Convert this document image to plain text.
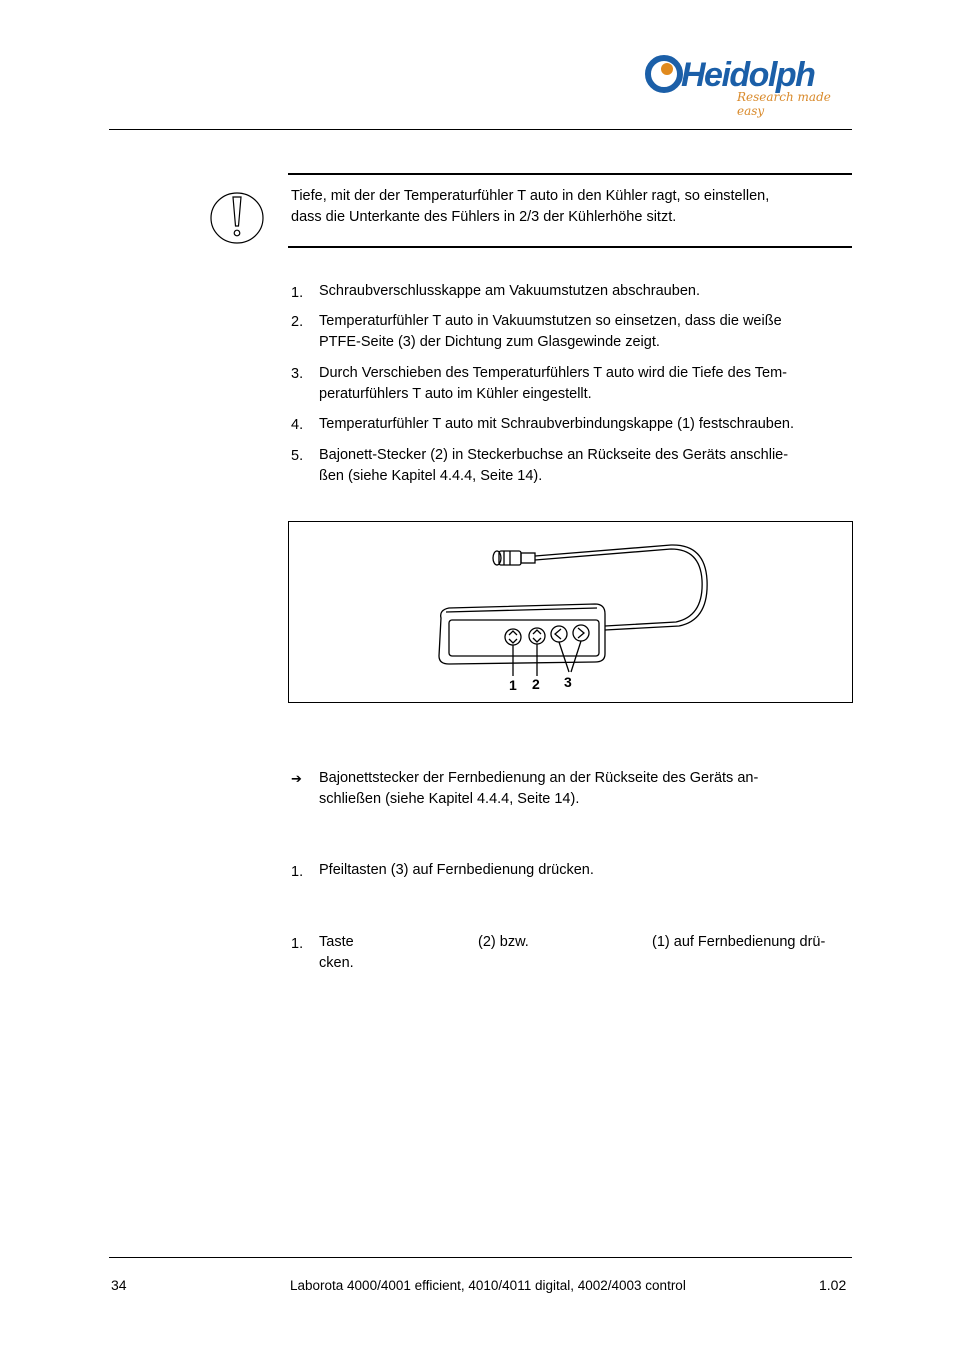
Heidolph
Research made easy
Tiefe, mit der der Temperaturfühler T auto in den Kühler ragt, so einstellen,
dass die Unterkante des Fühlers in 2/3 der Kühlerhöhe sitzt.
1. Schraubverschlusskappe am Vakuumstutzen abschrauben.
2. Temperaturfühler T auto in Vakuumstutzen so einsetzen, dass die weiße
PTFE-Seite (3) der Dichtung zum Glasgewinde zeigt.
3. Durch Verschieben des Temperaturfühlers T auto wird die Tiefe des Tem-
peraturfühlers T auto im Kühler eingestellt.
4. Temperaturfühler T auto mit Schraubverbindungskappe (1) festschrauben.
5. Bajonett-Stecker (2) in Steckerbuchse an Rückseite des Geräts anschlie-
ßen (siehe Kapitel 4.4.4, Seite 14).
1 2 3
➔ Bajonettstecker der Fernbedienung an der Rückseite des Geräts an-
schließen (siehe Kapitel 4.4.4, Seite 14).
1. Pfeiltasten (3) auf Fernbedienung drücken.
1. Taste	(2) bzw.	(1) auf Fernbedienung drü-
cken.
34	Laborota 4000/4001 efficient, 4010/4011 digital, 4002/4003 control	1.02
